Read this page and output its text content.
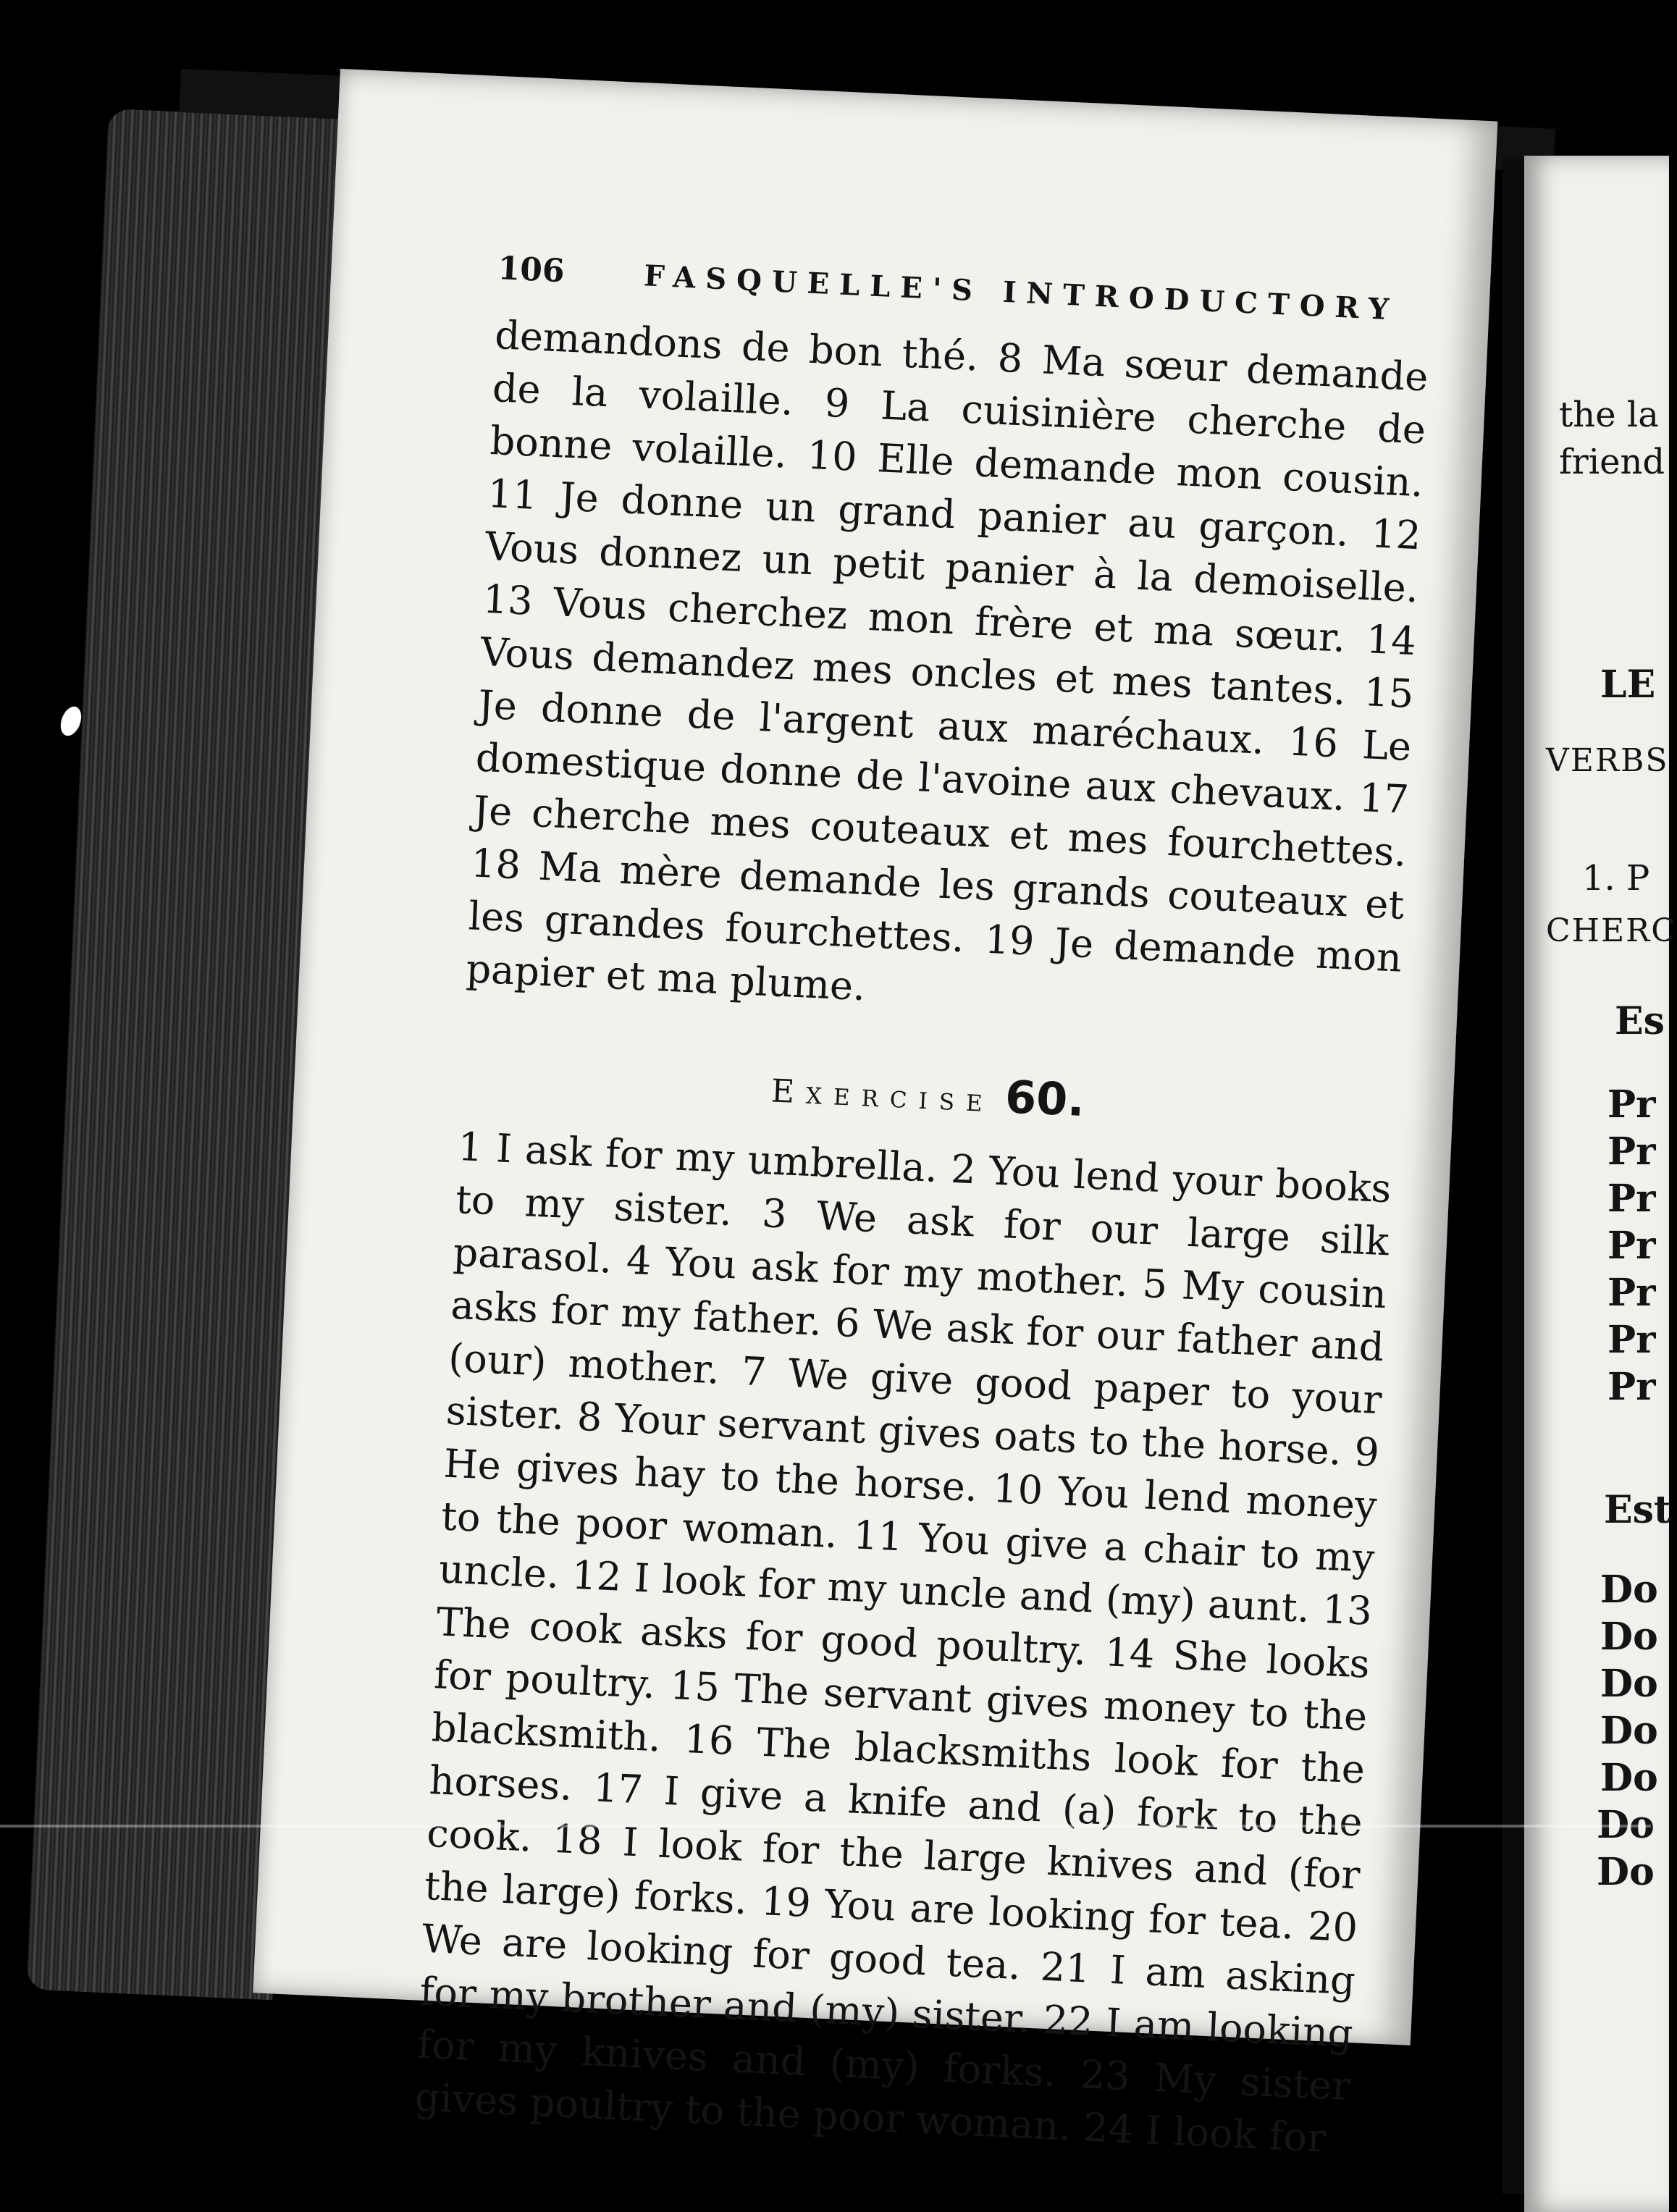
106	FASQUELLE'S INTRODUCTORY

demandons de bon thé. 8 Ma sœur demande de la volaille. 9 La cuisinière cherche de bonne volaille. 10 Elle demande mon cousin. 11 Je donne un grand panier au garçon. 12 Vous donnez un petit panier à la demoiselle. 13 Vous cherchez mon frère et ma sœur. 14 Vous demandez mes oncles et mes tantes. 15 Je donne de l'argent aux maréchaux. 16 Le domestique donne de l'avoine aux chevaux. 17 Je cherche mes couteaux et mes fourchettes. 18 Ma mère demande les grands couteaux et les grandes fourchettes. 19 Je demande mon papier et ma plume.

Exercise 60.

1 I ask for my umbrella. 2 You lend your books to my sister. 3 We ask for our large silk parasol. 4 You ask for my mother. 5 My cousin asks for my father. 6 We ask for our father and (our) mother. 7 We give good paper to your sister. 8 Your servant gives oats to the horse. 9 He gives hay to the horse. 10 You lend money to the poor woman. 11 You give a chair to my uncle. 12 I look for my uncle and (my) aunt. 13 The cook asks for good poultry. 14 She looks for poultry. 15 The servant gives money to the blacksmith. 16 The blacksmiths look for the horses. 17 I give a knife and (a) fork to the cook. 18 I look for the large knives and (for the large) forks. 19 You are looking for tea. 20 We are looking for good tea. 21 I am asking for my brother and (my) sister. 22 I am looking for my knives and (my) forks. 23 My sister gives poultry to the poor woman. 24 I look for

the la
friend
LE
VERBS
1. P
CHERC
Es
Pr
Pr
Pr
Pr
Pr
Pr
Pr
Est
Do
Do
Do
Do
Do
Do
Do
